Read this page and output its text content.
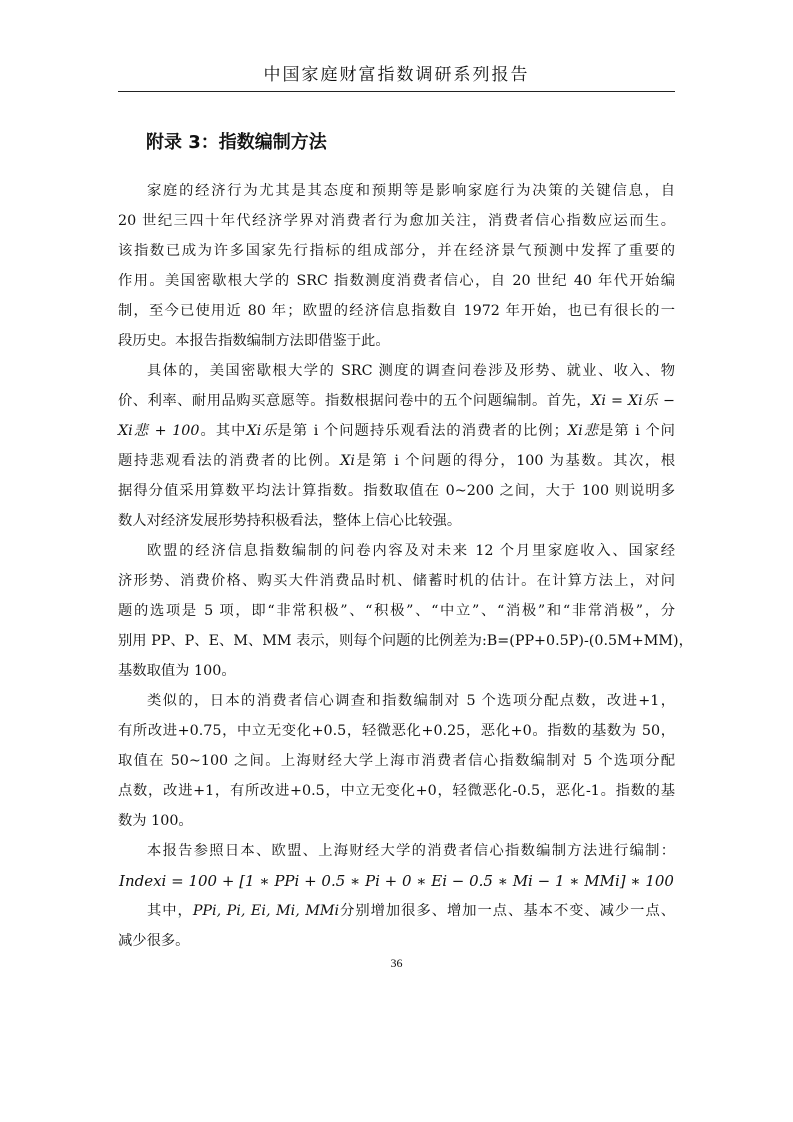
中国家庭财富指数调研系列报告
附录 3：指数编制方法
家庭的经济行为尤其是其态度和预期等是影响家庭行为决策的关键信息，自
20 世纪三四十年代经济学界对消费者行为愈加关注，消费者信心指数应运而生。
该指数已成为许多国家先行指标的组成部分，并在经济景气预测中发挥了重要的
作用。美国密歇根大学的 SRC 指数测度消费者信心，自 20 世纪 40 年代开始编
制，至今已使用近 80 年；欧盟的经济信息指数自 1972 年开始，也已有很长的一
段历史。本报告指数编制方法即借鉴于此。
具体的，美国密歇根大学的 SRC 测度的调查问卷涉及形势、就业、收入、物
价、利率、耐用品购买意愿等。指数根据问卷中的五个问题编制。首先，Xi = Xi乐 −
Xi悲 + 100。其中Xi乐是第 i 个问题持乐观看法的消费者的比例；Xi悲是第 i 个问
题持悲观看法的消费者的比例。Xi是第 i 个问题的得分，100 为基数。其次，根
据得分值采用算数平均法计算指数。指数取值在 0~200 之间，大于 100 则说明多
数人对经济发展形势持积极看法，整体上信心比较强。
欧盟的经济信息指数编制的问卷内容及对未来 12 个月里家庭收入、国家经
济形势、消费价格、购买大件消费品时机、储蓄时机的估计。在计算方法上，对问
题的选项是 5 项，即“非常积极”、“积极”、“中立”、“消极”和“非常消极”，分
别用 PP、P、E、M、MM 表示，则每个问题的比例差为:B=(PP+0.5P)-(0.5M+MM)，
基数取值为 100。
类似的，日本的消费者信心调查和指数编制对 5 个选项分配点数，改进+1，
有所改进+0.75，中立无变化+0.5，轻微恶化+0.25，恶化+0。指数的基数为 50，
取值在 50~100 之间。上海财经大学上海市消费者信心指数编制对 5 个选项分配
点数，改进+1，有所改进+0.5，中立无变化+0，轻微恶化-0.5，恶化-1。指数的基
数为 100。
本报告参照日本、欧盟、上海财经大学的消费者信心指数编制方法进行编制：
Indexi = 100 + [1 ∗ PPi + 0.5 ∗ Pi + 0 ∗ Ei − 0.5 ∗ Mi − 1 ∗ MMi] ∗ 100
其中，PPi, Pi, Ei, Mi, MMi分别增加很多、增加一点、基本不变、减少一点、
减少很多。
36
